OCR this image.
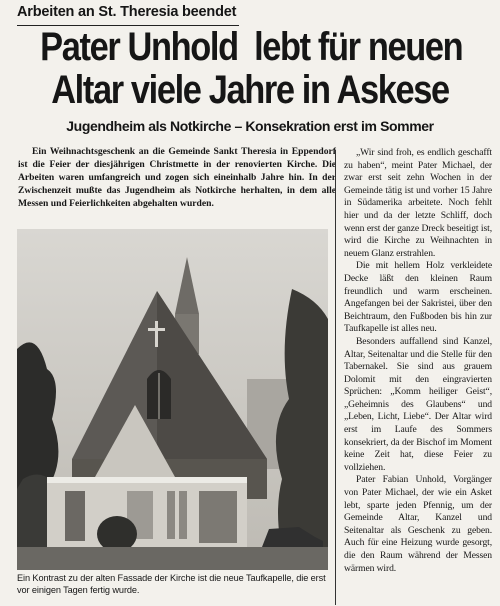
Arbeiten an St. Theresia beendet
Pater Unhold  lebt für neuen
Altar viele Jahre in Askese
Jugendheim als Notkirche – Konsekration erst im Sommer

Ein Weihnachtsgeschenk an die Gemeinde Sankt Theresia in Eppendorf ist die Feier der diesjährigen Christmette in der renovierten Kirche. Die Arbeiten waren umfangreich und zogen sich eineinhalb Jahre hin. In der Zwischenzeit mußte das Jugendheim als Notkirche herhalten, in dem alle Messen und Feierlichkeiten abgehalten wurden.

Ein Kontrast zu der alten Fassade der Kirche ist die neue Taufkapelle, die erst vor einigen Tagen fertig wurde.

„Wir sind froh, es endlich geschafft zu haben“, meint Pater Michael, der zwar erst seit zehn Wochen in der Gemeinde tätig ist und vorher 15 Jahre in Südamerika arbeitete. Noch fehlt hier und da der letzte Schliff, doch wenn erst der ganze Dreck beseitigt ist, wird die Kirche zu Weihnachten in neuem Glanz erstrahlen.

Die mit hellem Holz verkleidete Decke läßt den kleinen Raum freundlich und warm erscheinen. Angefangen bei der Sakristei, über den Beichtraum, den Fußboden bis hin zur Taufkapelle ist alles neu.

Besonders auffallend sind Kanzel, Altar, Seitenaltar und die Stelle für den Tabernakel. Sie sind aus grauem Dolomit mit den eingravierten Sprüchen: „Komm heiliger Geist“, „Geheimnis des Glaubens“ und „Leben, Licht, Liebe“. Der Altar wird erst im Laufe des Sommers konsekriert, da der Bischof im Moment keine Zeit hat, diese Feier zu vollziehen.

Pater Fabian Unhold, Vorgänger von Pater Michael, der wie ein Asket lebt, sparte jeden Pfennig, um der Gemeinde Altar, Kanzel und Seitenaltar als Geschenk zu geben. Auch für eine Heizung wurde gesorgt, die den Raum während der Messen wärmen wird.
